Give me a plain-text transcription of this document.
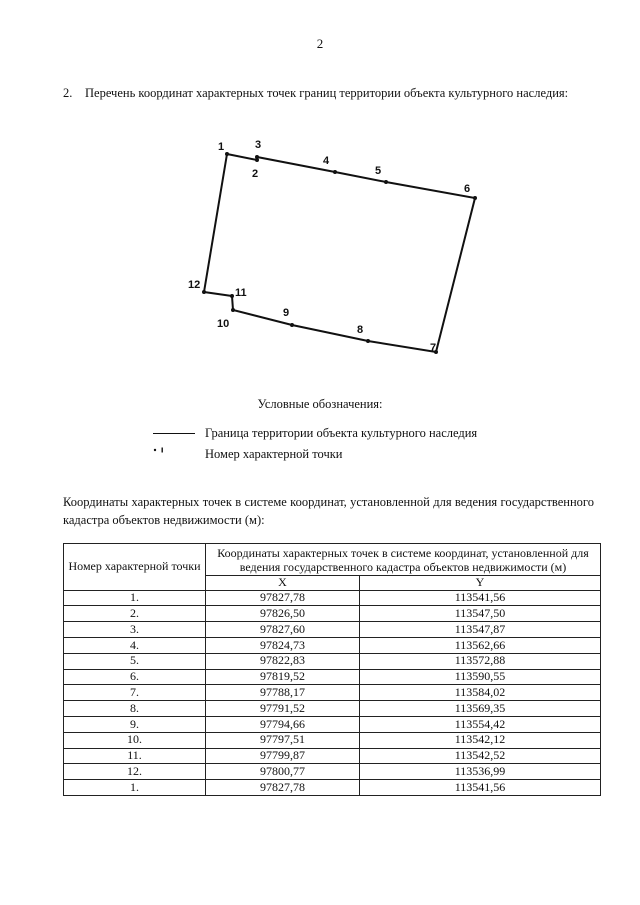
2
2. Перечень координат характерных точек границ территории объекта культурного наследия:
1
2
3
4
5
6
7
8
9
10
11
12
Условные обозначения:
Граница территории объекта культурного наследия
Номер характерной точки
Координаты характерных точек в системе координат, установленной для ведения государственного кадастра объектов недвижимости (м):
Номер характерной точки	Координаты характерных точек в системе координат, установленной для ведения государственного кадастра объектов недвижимости (м)	
	X	Y
1.	97827,78	113541,56
2.	97826,50	113547,50
3.	97827,60	113547,87
4.	97824,73	113562,66
5.	97822,83	113572,88
6.	97819,52	113590,55
7.	97788,17	113584,02
8.	97791,52	113569,35
9.	97794,66	113554,42
10.	97797,51	113542,12
11.	97799,87	113542,52
12.	97800,77	113536,99
1.	97827,78	113541,56
